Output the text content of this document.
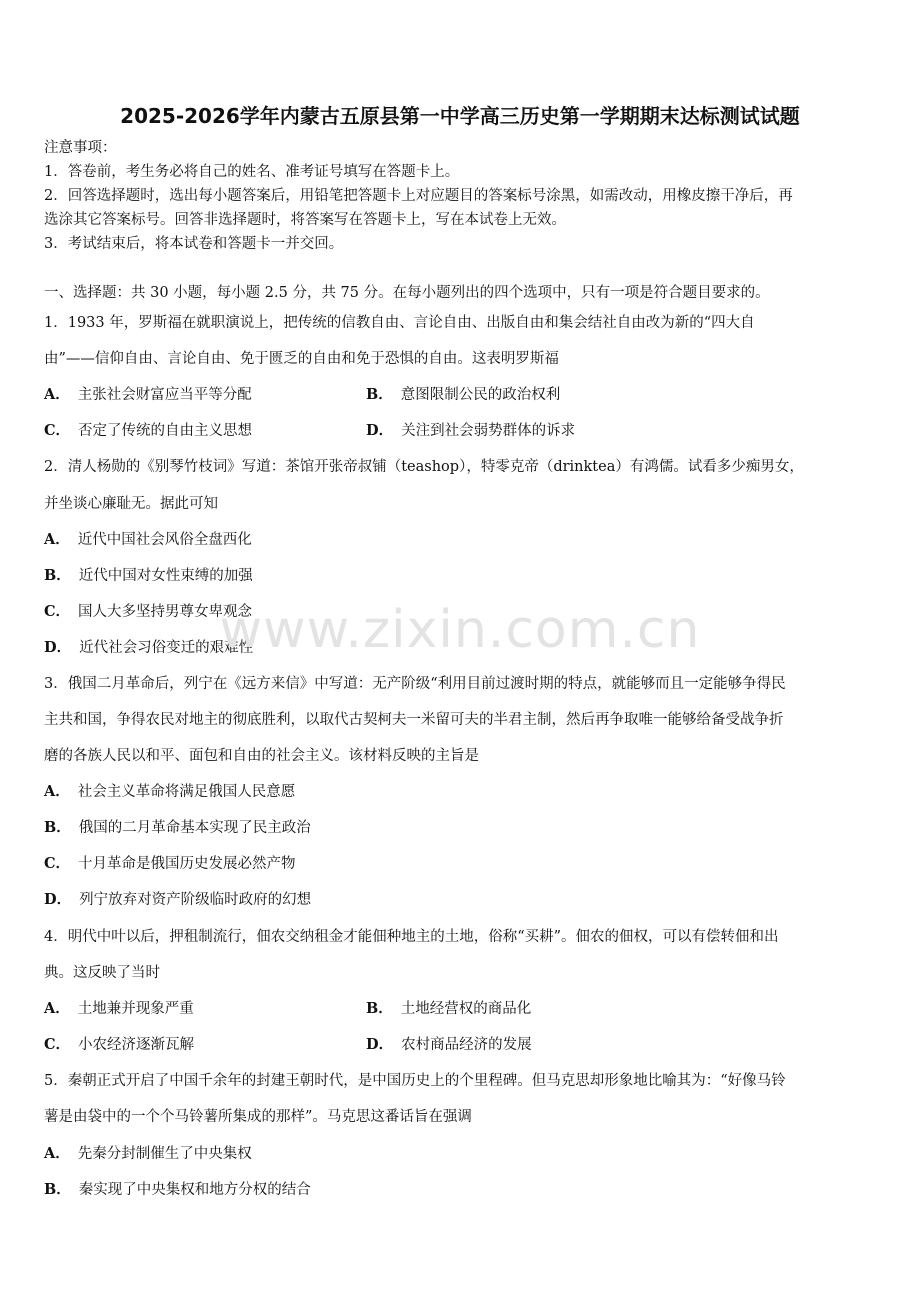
2025-2026学年内蒙古五原县第一中学高三历史第一学期期末达标测试试题
注意事项：
1．答卷前，考生务必将自己的姓名、准考证号填写在答题卡上。
2．回答选择题时，选出每小题答案后，用铅笔把答题卡上对应题目的答案标号涂黑，如需改动，用橡皮擦干净后，再
选涂其它答案标号。回答非选择题时，将答案写在答题卡上，写在本试卷上无效。
3．考试结束后，将本试卷和答题卡一并交回。
一、选择题：共 30 小题，每小题 2.5 分，共 75 分。在每小题列出的四个选项中，只有一项是符合题目要求的。
1．1933 年，罗斯福在就职演说上，把传统的信教自由、言论自由、出版自由和集会结社自由改为新的“四大自
由”——信仰自由、言论自由、免于匮乏的自由和免于恐惧的自由。这表明罗斯福
A． 主张社会财富应当平等分配	B． 意图限制公民的政治权利
C． 否定了传统的自由主义思想	D． 关注到社会弱势群体的诉求
2．清人杨勋的《别琴竹枝词》写道：茶馆开张帝叔铺（teashop），特零克帝（drinktea）有鸿儒。试看多少痴男女，
并坐谈心廉耻无。据此可知
A． 近代中国社会风俗全盘西化
B． 近代中国对女性束缚的加强
C． 国人大多坚持男尊女卑观念
D． 近代社会习俗变迁的艰难性
3．俄国二月革命后，列宁在《远方来信》中写道：无产阶级“利用目前过渡时期的特点，就能够而且一定能够争得民
主共和国，争得农民对地主的彻底胜利，以取代古契柯夫一米留可夫的半君主制，然后再争取唯一能够给备受战争折
磨的各族人民以和平、面包和自由的社会主义。该材料反映的主旨是
A． 社会主义革命将满足俄国人民意愿
B． 俄国的二月革命基本实现了民主政治
C． 十月革命是俄国历史发展必然产物
D． 列宁放弃对资产阶级临时政府的幻想
4．明代中叶以后，押租制流行，佃农交纳租金才能佃种地主的土地，俗称“买耕”。佃农的佃权，可以有偿转佃和出
典。这反映了当时
A． 土地兼并现象严重	B． 土地经营权的商品化
C． 小农经济逐渐瓦解	D． 农村商品经济的发展
5．秦朝正式开启了中国千余年的封建王朝时代，是中国历史上的个里程碑。但马克思却形象地比喻其为：“好像马铃
薯是由袋中的一个个马铃薯所集成的那样”。马克思这番话旨在强调
A． 先秦分封制催生了中央集权
B． 秦实现了中央集权和地方分权的结合
www.zixin.com.cn
